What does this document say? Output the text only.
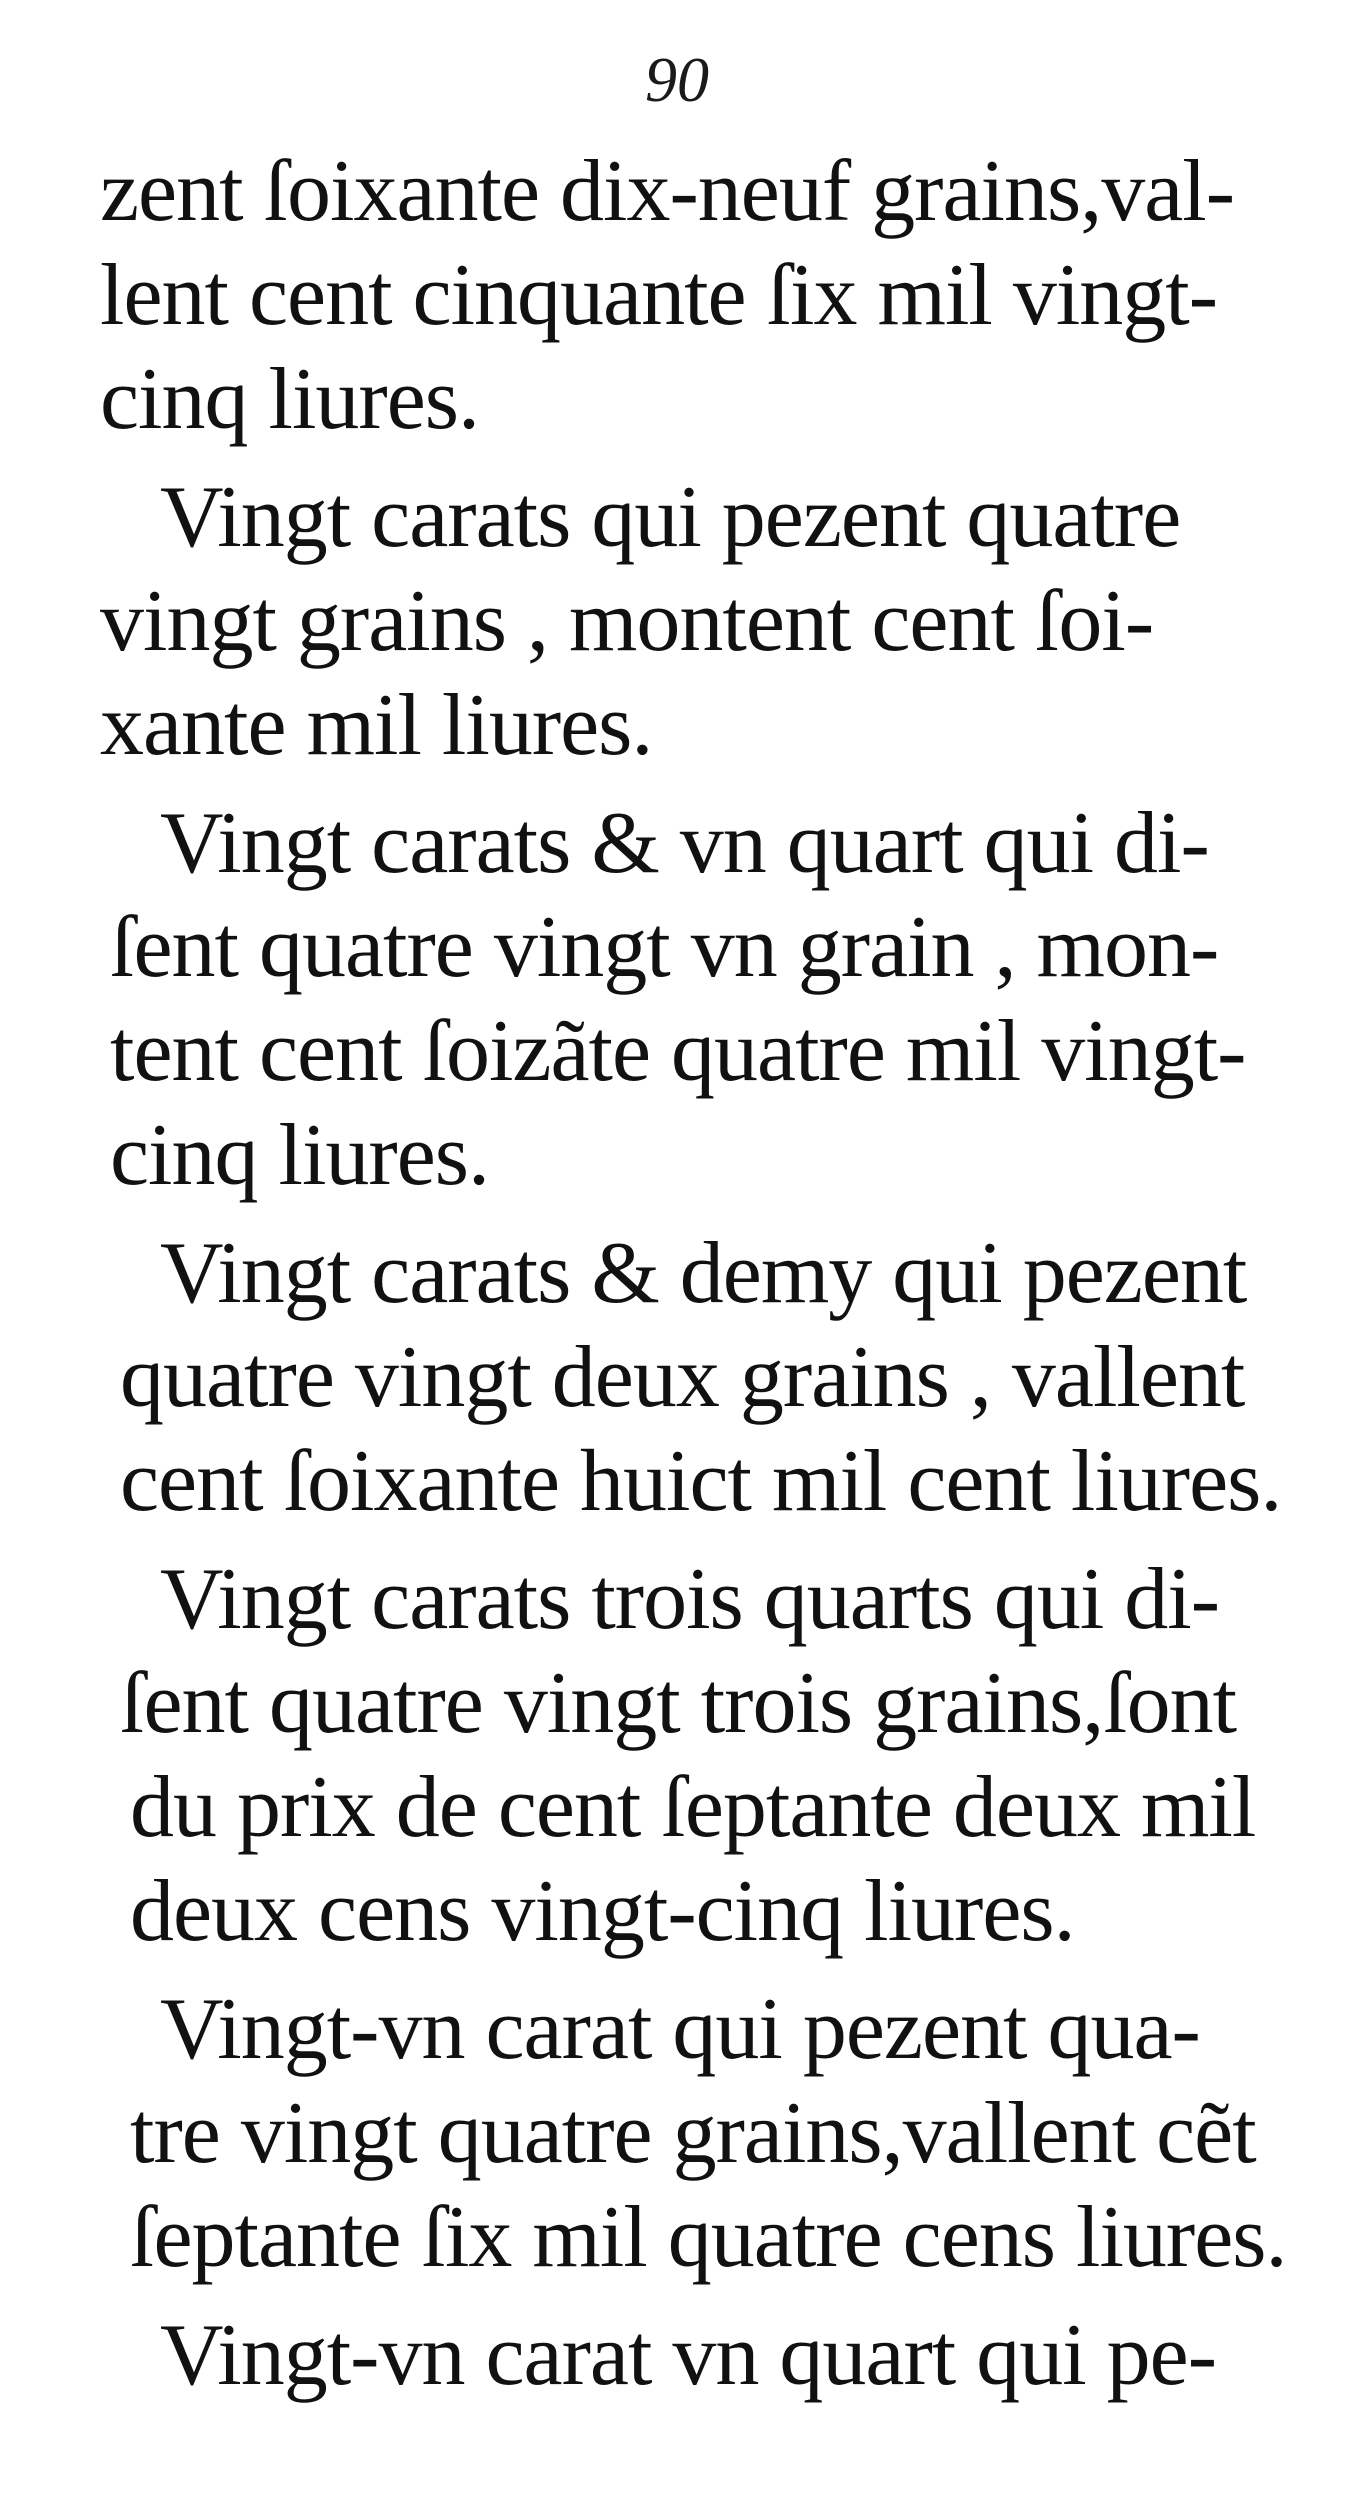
90
zent ſoixante dix-neuf grains,val-
lent cent cinquante ſix mil vingt-
cinq liures.
Vingt carats qui pezent quatre
vingt grains , montent cent ſoi-
xante mil liures.
Vingt carats & vn quart qui di-
ſent quatre vingt vn grain , mon-
tent cent ſoizãte quatre mil vingt-
cinq liures.
Vingt carats & demy qui pezent
quatre vingt deux grains , vallent
cent ſoixante huict mil cent liures.
Vingt carats trois quarts qui di-
ſent quatre vingt trois grains,ſont
du prix de cent ſeptante deux mil
deux cens vingt-cinq liures.
Vingt-vn carat qui pezent qua-
tre vingt quatre grains,vallent cẽt
ſeptante ſix mil quatre cens liures.
Vingt-vn carat vn quart qui pe-
